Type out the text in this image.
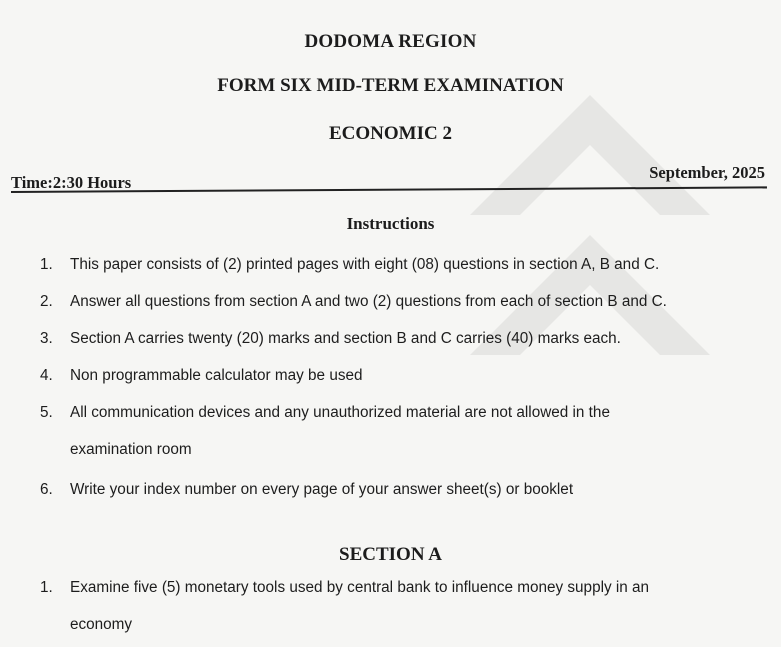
DODOMA REGION
FORM SIX MID-TERM EXAMINATION
ECONOMIC 2
Time:2:30 Hours
September, 2025
Instructions
1.	This paper consists of (2) printed pages with eight (08) questions in section A, B and C.
2.	Answer all questions from section A and two (2) questions from each of section B and C.
3.	Section A carries twenty (20) marks and section B and C carries (40) marks each.
4.	Non programmable calculator may be used
5.	All communication devices and any unauthorized material are not allowed in the
examination room
6.	Write your index number on every page of your answer sheet(s) or booklet
SECTION A
1.	Examine five (5) monetary tools used by central bank to influence money supply in an
economy
